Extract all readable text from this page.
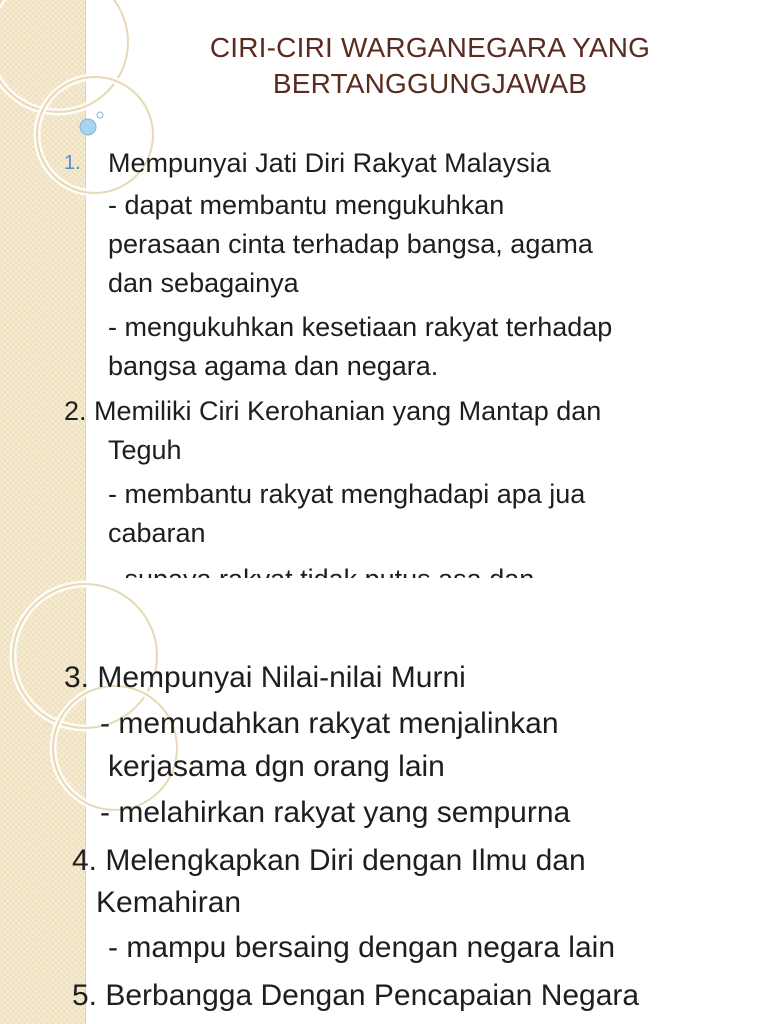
CIRI-CIRI WARGANEGARA YANG
BERTANGGUNGJAWAB
1. Mempunyai Jati Diri Rakyat Malaysia
- dapat membantu mengukuhkan
perasaan cinta terhadap bangsa, agama
dan sebagainya
- mengukuhkan kesetiaan rakyat terhadap
bangsa agama dan negara.
2. Memiliki Ciri Kerohanian yang Mantap dan
Teguh
- membantu rakyat menghadapi apa jua
cabaran
3. Mempunyai Nilai-nilai Murni
- memudahkan rakyat menjalinkan
kerjasama dgn orang lain
- melahirkan rakyat yang sempurna
4. Melengkapkan Diri dengan Ilmu dan
Kemahiran
- mampu bersaing dengan negara lain
5. Berbangga Dengan Pencapaian Negara
